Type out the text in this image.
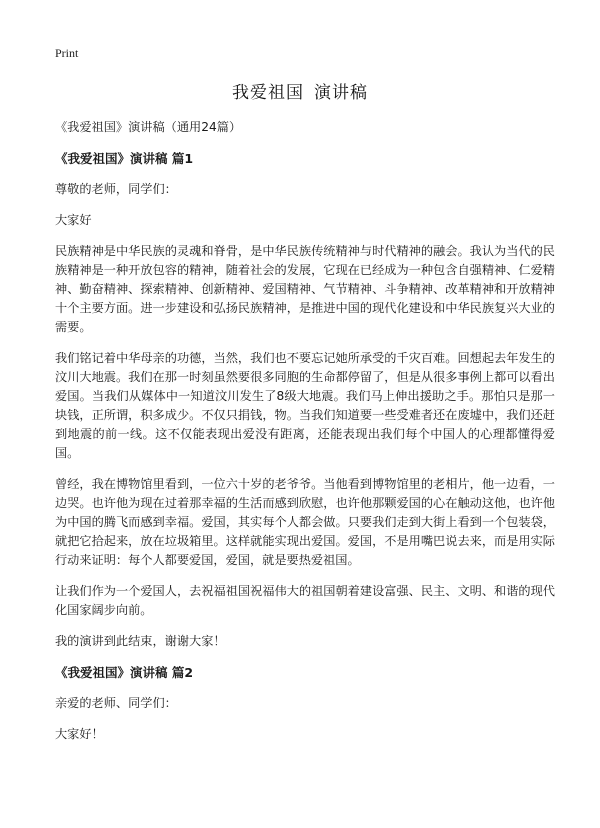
Print
我爱祖国 演讲稿

《我爱祖国》演讲稿（通用24篇）

《我爱祖国》演讲稿 篇1

尊敬的老师，同学们：

大家好

民族精神是中华民族的灵魂和脊骨，是中华民族传统精神与时代精神的融会。我认为当代的民族精神是一种开放包容的精神，随着社会的发展，它现在已经成为一种包含自强精神、仁爱精神、勤奋精神、探索精神、创新精神、爱国精神、气节精神、斗争精神、改革精神和开放精神十个主要方面。进一步建设和弘扬民族精神，是推进中国的现代化建设和中华民族复兴大业的需要。

我们铭记着中华母亲的功德，当然，我们也不要忘记她所承受的千灾百难。回想起去年发生的汶川大地震。我们在那一时刻虽然要很多同胞的生命都停留了，但是从很多事例上都可以看出爱国。当我们从媒体中一知道汶川发生了8级大地震。我们马上伸出援助之手。那怕只是那一块钱，正所谓，积多成少。不仅只捐钱，物。当我们知道要一些受难者还在废墟中，我们还赶到地震的前一线。这不仅能表现出爱没有距离，还能表现出我们每个中国人的心理都懂得爱国。

曾经，我在博物馆里看到，一位六十岁的老爷爷。当他看到博物馆里的老相片，他一边看，一边哭。也许他为现在过着那幸福的生活而感到欣慰，也许他那颗爱国的心在触动这他，也许他为中国的腾飞而感到幸福。爱国，其实每个人都会做。只要我们走到大街上看到一个包装袋，就把它拾起来，放在垃圾箱里。这样就能实现出爱国。爱国，不是用嘴巴说去来，而是用实际行动来证明：每个人都要爱国，爱国，就是要热爱祖国。

让我们作为一个爱国人，去祝福祖国祝福伟大的祖国朝着建设富强、民主、文明、和谐的现代化国家阔步向前。

我的演讲到此结束，谢谢大家！

《我爱祖国》演讲稿 篇2

亲爱的老师、同学们：

大家好！
